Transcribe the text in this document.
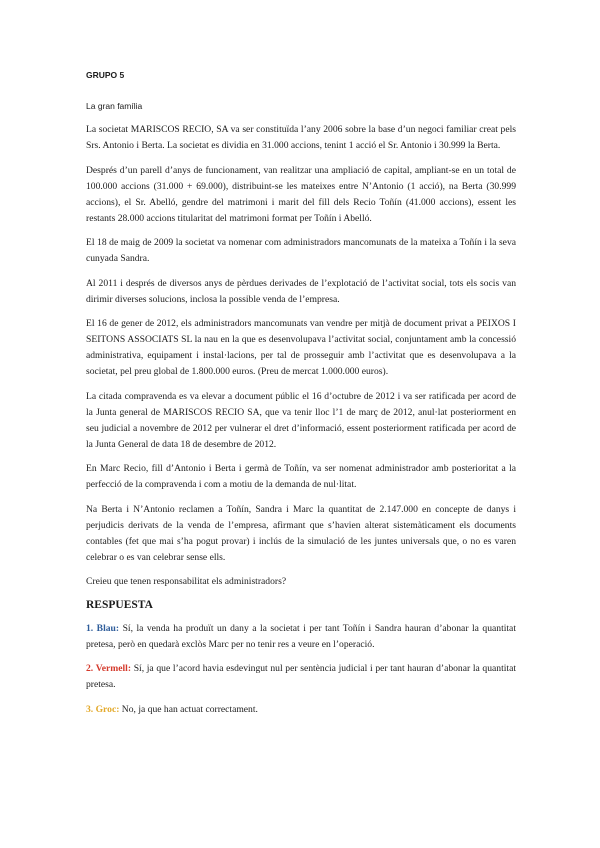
GRUPO 5
La gran família

La societat MARISCOS RECIO, SA va ser constituïda l’any 2006 sobre la base d’un negoci familiar creat pels Srs. Antonio i Berta. La societat es dividia en 31.000 accions, tenint 1 acció el Sr. Antonio i 30.999 la Berta.

Després d’un parell d’anys de funcionament, van realitzar una ampliació de capital, ampliant-se en un total de 100.000 accions (31.000 + 69.000), distribuint-se les mateixes entre N’Antonio (1 acció), na Berta (30.999 accions), el Sr. Abelló, gendre del matrimoni i marit del fill dels Recio Toñín (41.000 accions), essent les restants 28.000 accions titularitat del matrimoni format per Toñín i Abelló.

El 18 de maig de 2009 la societat va nomenar com administradors mancomunats de la mateixa a Toñín i la seva cunyada Sandra.

Al 2011 i després de diversos anys de pèrdues derivades de l’explotació de l’activitat social, tots els socis van dirimir diverses solucions, inclosa la possible venda de l’empresa.

El 16 de gener de 2012, els administradors mancomunats van vendre per mitjà de document privat a PEIXOS I SEITONS ASSOCIATS SL la nau en la que es desenvolupava l’activitat social, conjuntament amb la concessió administrativa, equipament i instal·lacions, per tal de prosseguir amb l’activitat que es desenvolupava a la societat, pel preu global de 1.800.000 euros. (Preu de mercat 1.000.000 euros).

La citada compravenda es va elevar a document públic el 16 d’octubre de 2012 i va ser ratificada per acord de la Junta general de MARISCOS RECIO SA, que va tenir lloc l’1 de març de 2012, anul·lat posteriorment en seu judicial a novembre de 2012 per vulnerar el dret d’informació, essent posteriorment ratificada per acord de la Junta General de data 18 de desembre de 2012.

En Marc Recio, fill d’Antonio i Berta i germà de Toñín, va ser nomenat administrador amb posterioritat a la perfecció de la compravenda i com a motiu de la demanda de nul·litat.

Na Berta i N’Antonio reclamen a Toñín, Sandra i Marc la quantitat de 2.147.000 en concepte de danys i perjudicis derivats de la venda de l’empresa, afirmant que s’havien alterat sistemàticament els documents contables (fet que mai s’ha pogut provar) i inclús de la simulació de les juntes universals que, o no es varen celebrar o es van celebrar sense ells.

Creieu que tenen responsabilitat els administradors?

RESPUESTA

1. Blau: Sí, la venda ha produït un dany a la societat i per tant Toñín i Sandra hauran d’abonar la quantitat pretesa, però en quedarà exclòs Marc per no tenir res a veure en l’operació.

2. Vermell: Sí, ja que l’acord havia esdevingut nul per sentència judicial i per tant hauran d’abonar la quantitat pretesa.

3. Groc: No, ja que han actuat correctament.
